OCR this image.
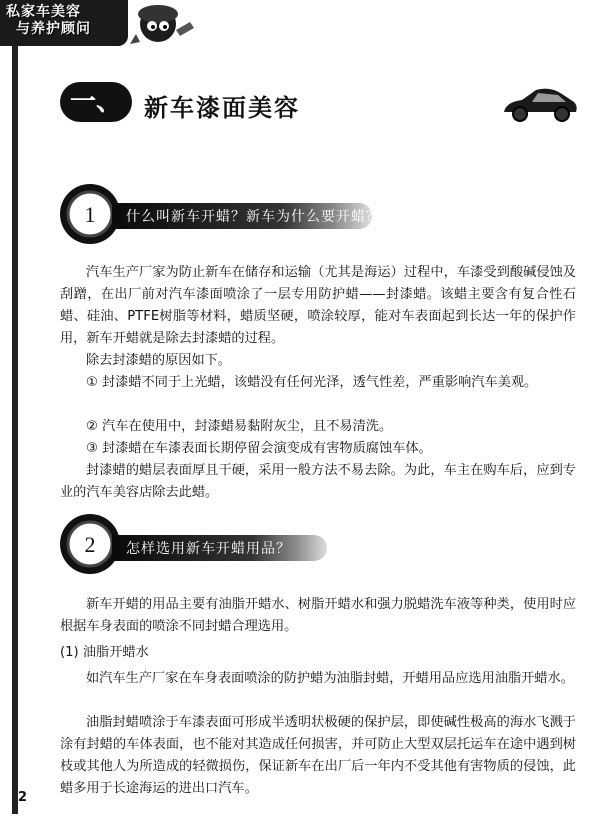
私家车美容
与养护顾问
一、 新车漆面美容
1 什么叫新车开蜡？新车为什么要开蜡？

汽车生产厂家为防止新车在储存和运输（尤其是海运）过程中，车漆受到酸碱侵蚀及刮蹭，在出厂前对汽车漆面喷涂了一层专用防护蜡——封漆蜡。该蜡主要含有复合性石蜡、硅油、PTFE树脂等材料，蜡质坚硬，喷涂较厚，能对车表面起到长达一年的保护作用，新车开蜡就是除去封漆蜡的过程。

除去封漆蜡的原因如下。

① 封漆蜡不同于上光蜡，该蜡没有任何光泽，透气性差，严重影响汽车美观。

② 汽车在使用中，封漆蜡易黏附灰尘，且不易清洗。

③ 封漆蜡在车漆表面长期停留会演变成有害物质腐蚀车体。

封漆蜡的蜡层表面厚且干硬，采用一般方法不易去除。为此，车主在购车后，应到专业的汽车美容店除去此蜡。

2 怎样选用新车开蜡用品？

新车开蜡的用品主要有油脂开蜡水、树脂开蜡水和强力脱蜡洗车液等种类，使用时应根据车身表面的喷涂不同封蜡合理选用。

(1) 油脂开蜡水

如汽车生产厂家在车身表面喷涂的防护蜡为油脂封蜡，开蜡用品应选用油脂开蜡水。

油脂封蜡喷涂于车漆表面可形成半透明状极硬的保护层，即使碱性极高的海水飞溅于涂有封蜡的车体表面，也不能对其造成任何损害，并可防止大型双层托运车在途中遇到树枝或其他人为所造成的轻微损伤，保证新车在出厂后一年内不受其他有害物质的侵蚀，此蜡多用于长途海运的进出口汽车。

2
